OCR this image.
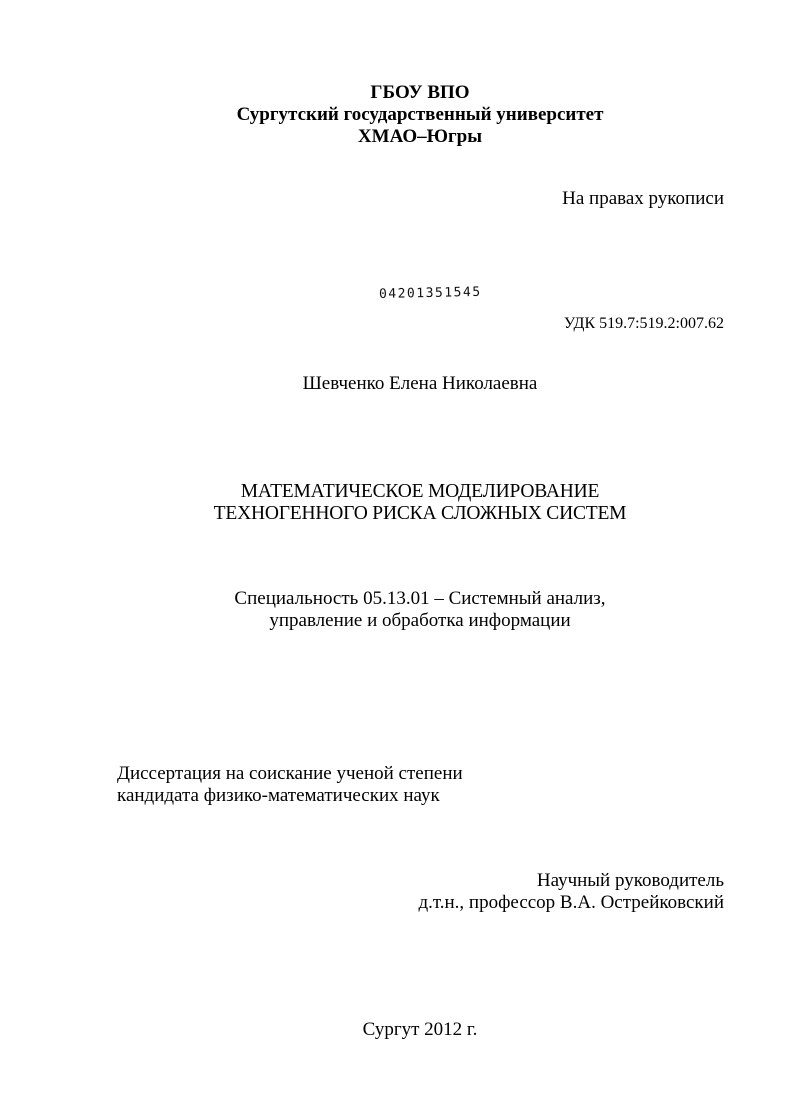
ГБОУ ВПО
Сургутский государственный университет
ХМАО–Югры
На правах рукописи
04201351545
УДК 519.7:519.2:007.62
Шевченко Елена Николаевна
МАТЕМАТИЧЕСКОЕ МОДЕЛИРОВАНИЕ
ТЕХНОГЕННОГО РИСКА СЛОЖНЫХ СИСТЕМ
Специальность 05.13.01 – Системный анализ,
управление и обработка информации
Диссертация на соискание ученой степени
кандидата физико-математических наук
Научный руководитель
д.т.н., профессор В.А. Острейковский
Сургут 2012 г.
